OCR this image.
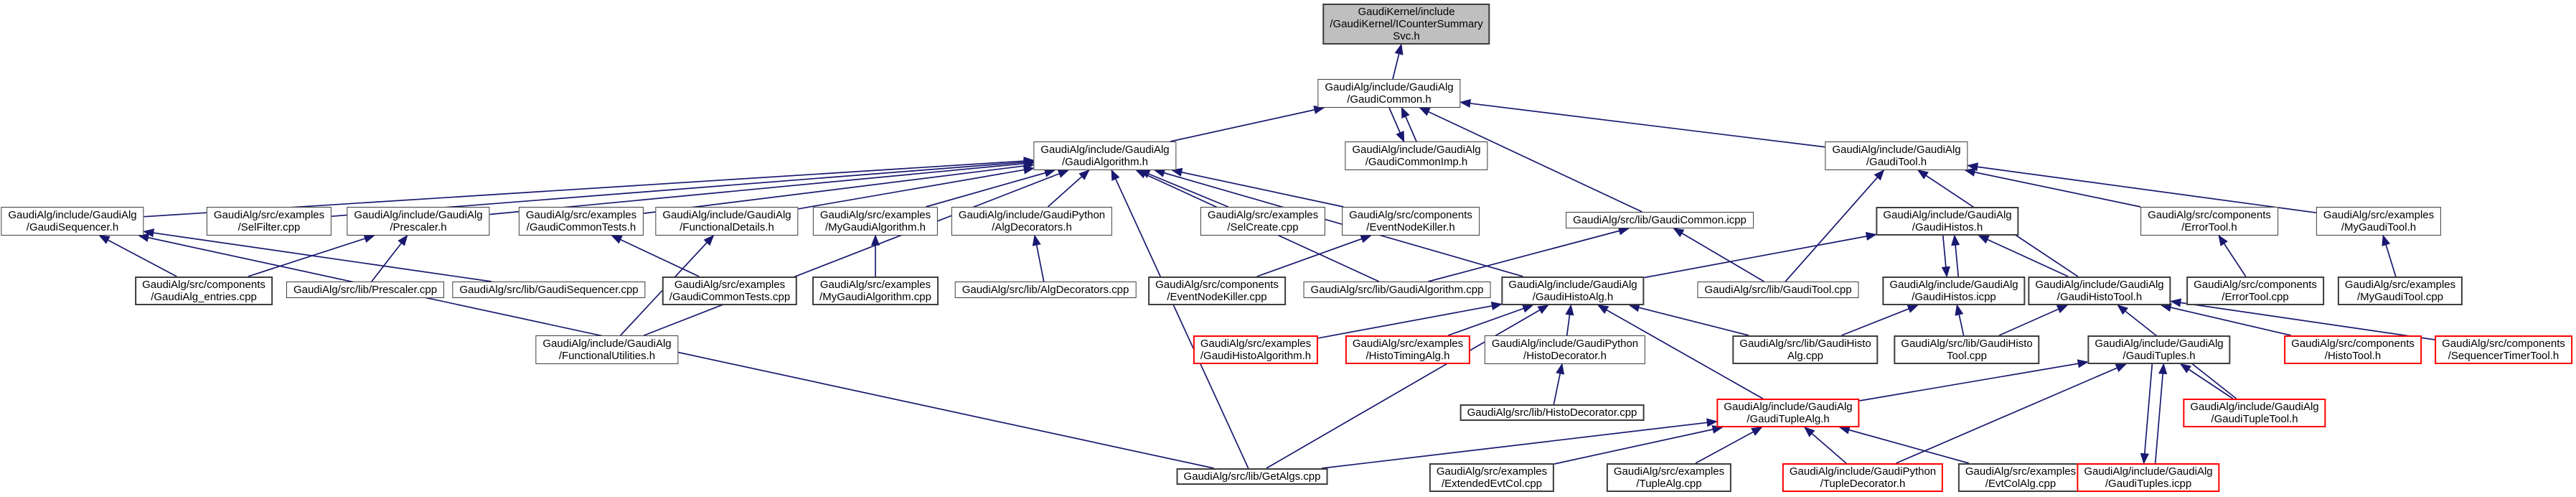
GaudiKernel/include
/GaudiKernel/ICounterSummary
Svc.h
GaudiAlg/include/GaudiAlg
/GaudiCommon.h
GaudiAlg/include/GaudiAlg
/GaudiAlgorithm.h
GaudiAlg/include/GaudiAlg
/GaudiCommonImp.h
GaudiAlg/include/GaudiAlg
/GaudiTool.h
GaudiAlg/include/GaudiAlg
/GaudiSequencer.h
GaudiAlg/src/examples
/SelFilter.cpp
GaudiAlg/include/GaudiAlg
/Prescaler.h
GaudiAlg/src/examples
/GaudiCommonTests.h
GaudiAlg/include/GaudiAlg
/FunctionalDetails.h
GaudiAlg/src/examples
/MyGaudiAlgorithm.h
GaudiAlg/include/GaudiPython
/AlgDecorators.h
GaudiAlg/src/examples
/SelCreate.cpp
GaudiAlg/src/components
/EventNodeKiller.h
GaudiAlg/src/lib/GaudiCommon.icpp	GaudiAlg/include/GaudiAlg
/GaudiHistos.h
GaudiAlg/src/components
/ErrorTool.h
GaudiAlg/src/examples
/MyGaudiTool.h
GaudiAlg/src/components
/GaudiAlg_entries.cpp
GaudiAlg/src/lib/Prescaler.cpp GaudiAlg/src/lib/GaudiSequencer.cpp	GaudiAlg/src/examples
/GaudiCommonTests.cpp
GaudiAlg/src/examples
/MyGaudiAlgorithm.cpp
GaudiAlg/src/lib/AlgDecorators.cpp GaudiAlg/src/components
/EventNodeKiller.cpp
GaudiAlg/src/lib/GaudiAlgorithm.cpp GaudiAlg/include/GaudiAlg
/GaudiHistoAlg.h
GaudiAlg/src/lib/GaudiTool.cpp	GaudiAlg/include/GaudiAlg
/GaudiHistos.icpp
GaudiAlg/include/GaudiAlg
/GaudiHistoTool.h
GaudiAlg/src/components
/ErrorTool.cpp
GaudiAlg/src/examples
/MyGaudiTool.cpp
GaudiAlg/include/GaudiAlg
/FunctionalUtilities.h
GaudiAlg/src/examples
/GaudiHistoAlgorithm.h
GaudiAlg/src/examples
/HistoTimingAlg.h
GaudiAlg/include/GaudiPython
/HistoDecorator.h
GaudiAlg/src/lib/GaudiHisto
Alg.cpp
GaudiAlg/src/lib/GaudiHisto
Tool.cpp
GaudiAlg/include/GaudiAlg
/GaudiTuples.h
GaudiAlg/src/components
/HistoTool.h
GaudiAlg/src/components
/SequencerTimerTool.h
GaudiAlg/src/lib/HistoDecorator.cpp	GaudiAlg/include/GaudiAlg
/GaudiTupleAlg.h
GaudiAlg/include/GaudiAlg
/GaudiTupleTool.h
GaudiAlg/src/lib/GetAlgs.cpp	GaudiAlg/src/examples
/ExtendedEvtCol.cpp
GaudiAlg/src/examples
/TupleAlg.cpp
GaudiAlg/include/GaudiPython
/TupleDecorator.h
GaudiAlg/src/examples
/EvtColAlg.cpp
GaudiAlg/include/GaudiAlg
/GaudiTuples.icpp
